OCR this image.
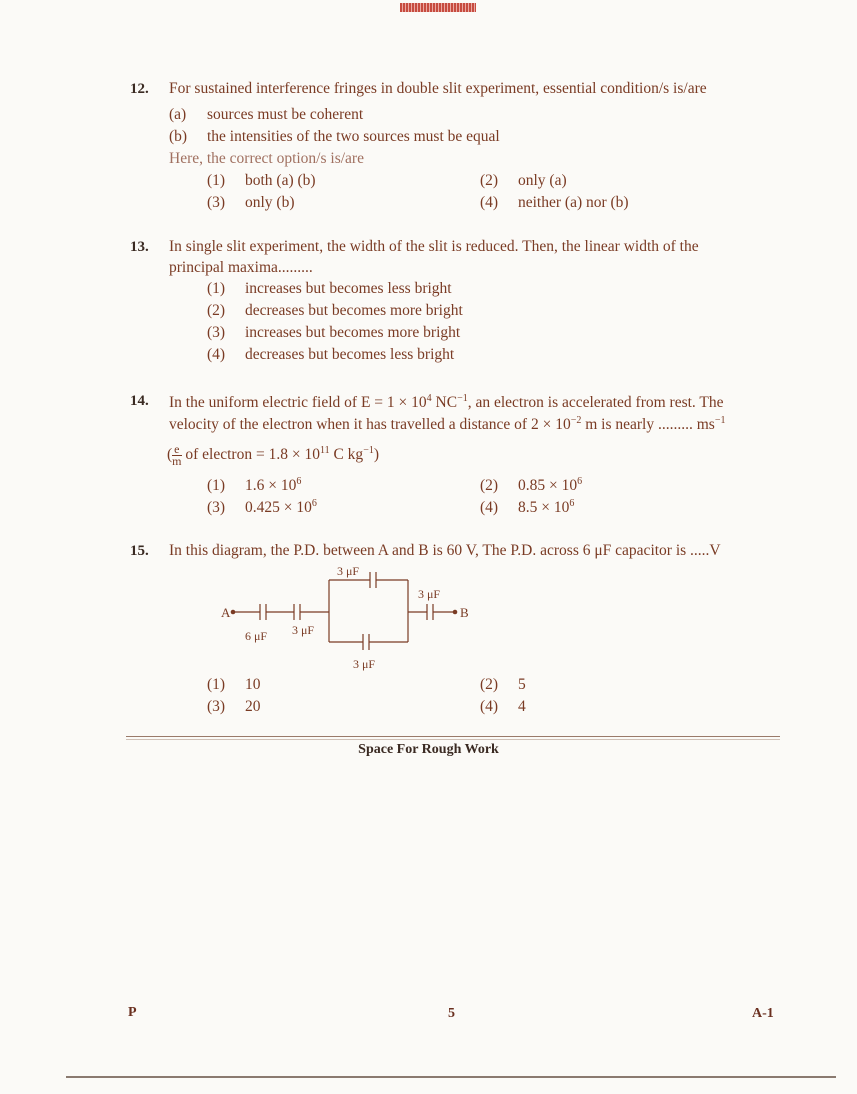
12. For sustained interference fringes in double slit experiment, essential condition/s is/are
(a) sources must be coherent
(b) the intensities of the two sources must be equal
Here, the correct option/s is/are
(1) both (a) (b)	(2) only (a)
(3) only (b)	(4) neither (a) nor (b)
13. In single slit experiment, the width of the slit is reduced. Then, the linear width of the
principal maxima.........
(1) increases but becomes less bright
(2) decreases but becomes more bright
(3) increases but becomes more bright
(4) decreases but becomes less bright
14. In the uniform electric field of $E = 1 \times 10^4$ $NC^{-1}$, an electron is accelerated from rest. The
velocity of the electron when it has travelled a distance of $2 \times 10^{-2}$ m is nearly ......... $ms^{-1}$
( $\frac{e}{m}$ of electron = $1.8 \times 10^{11}$ C $kg^{-1}$)
(1) $1.6 \times 10^6$	(2) $0.85 \times 10^6$
(3) $0.425 \times 10^6$	(4) $8.5 \times 10^6$
15. In this diagram, the P.D. between A and B is 60 V, The P.D. across 6 μF capacitor is .....V
A	B
6 μF 3 μF
3 μF
3 μF
3 μF
(1) 10	(2) 5
(3) 20	(4) 4
Space For Rough Work
P	5	A-1
